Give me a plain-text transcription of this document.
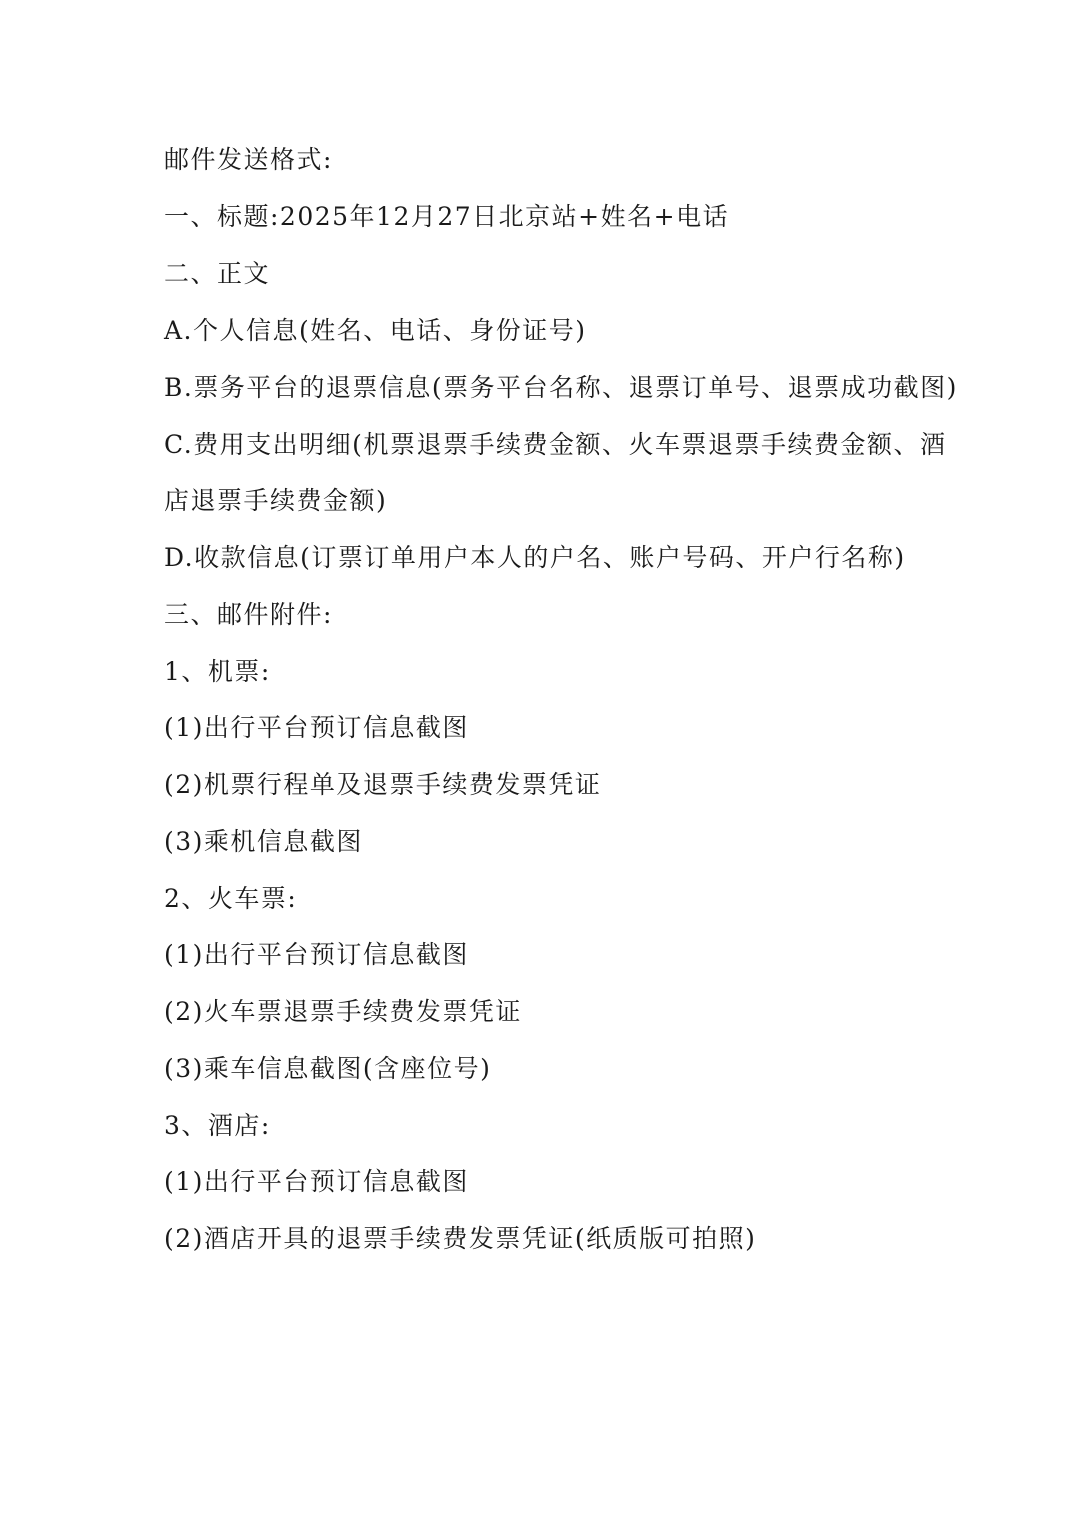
邮件发送格式:
一、标题:2025年12月27日北京站+姓名+电话
二、正文
A.个人信息(姓名、电话、身份证号)
B.票务平台的退票信息(票务平台名称、退票订单号、退票成功截图)
C.费用支出明细(机票退票手续费金额、火车票退票手续费金额、酒
店退票手续费金额)
D.收款信息(订票订单用户本人的户名、账户号码、开户行名称)
三、邮件附件:
1、机票:
(1)出行平台预订信息截图
(2)机票行程单及退票手续费发票凭证
(3)乘机信息截图
2、火车票:
(1)出行平台预订信息截图
(2)火车票退票手续费发票凭证
(3)乘车信息截图(含座位号)
3、酒店:
(1)出行平台预订信息截图
(2)酒店开具的退票手续费发票凭证(纸质版可拍照)
